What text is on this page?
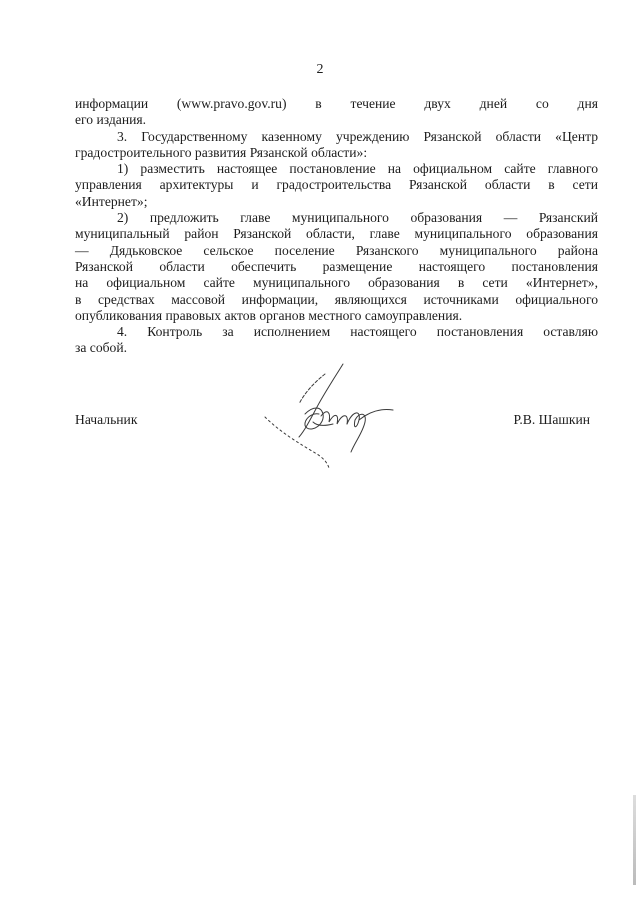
2
информации (www.pravo.gov.ru) в течение двух дней со дня
его издания.
3. Государственному казенному учреждению Рязанской области «Центр
градостроительного развития Рязанской области»:
1) разместить настоящее постановление на официальном сайте главного
управления архитектуры и градостроительства Рязанской области в сети
«Интернет»;
2) предложить главе муниципального образования — Рязанский
муниципальный район Рязанской области, главе муниципального образования
— Дядьковское сельское поселение Рязанского муниципального района
Рязанской области обеспечить размещение настоящего постановления
на официальном сайте муниципального образования в сети «Интернет»,
в средствах массовой информации, являющихся источниками официального
опубликования правовых актов органов местного самоуправления.
4. Контроль за исполнением настоящего постановления оставляю
за собой.
Начальник	Р.В. Шашкин
